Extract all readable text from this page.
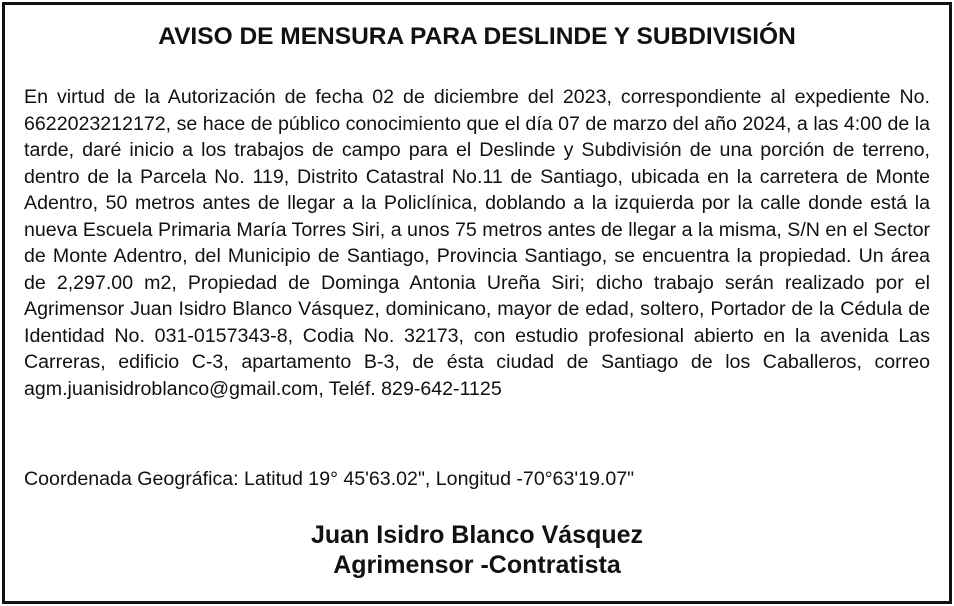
AVISO DE MENSURA PARA DESLINDE Y SUBDIVISIÓN

En virtud de la Autorización de fecha 02 de diciembre del 2023, correspondiente al expediente No. 6622023212172, se hace de público conocimiento que el día 07 de marzo del año 2024, a las 4:00 de la tarde, daré inicio a los trabajos de campo para el Deslinde y Subdivisión de una porción de terreno, dentro de la Parcela No. 119, Distrito Catastral No.11 de Santiago, ubicada en la carretera de Monte Adentro, 50 metros antes de llegar a la Policlínica, doblando a la izquierda por la calle donde está la nueva Escuela Primaria María Torres Siri, a unos 75 metros antes de llegar a la misma, S/N en el Sector de Monte Adentro, del Municipio de Santiago, Provincia Santiago, se encuentra la propiedad. Un área de 2,297.00 m2, Propiedad de Dominga Antonia Ureña Siri; dicho trabajo serán realizado por el Agrimensor Juan Isidro Blanco Vásquez, dominicano, mayor de edad, soltero, Portador de la Cédula de Identidad No. 031-0157343-8, Codia No. 32173, con estudio profesional abierto en la avenida Las Carreras, edificio C-3, apartamento B-3, de ésta ciudad de Santiago de los Caballeros, correo agm.juanisidroblanco@gmail.com, Teléf. 829-642-1125

Coordenada Geográfica: Latitud 19° 45'63.02", Longitud -70°63'19.07"

Juan Isidro Blanco Vásquez

Agrimensor -Contratista
